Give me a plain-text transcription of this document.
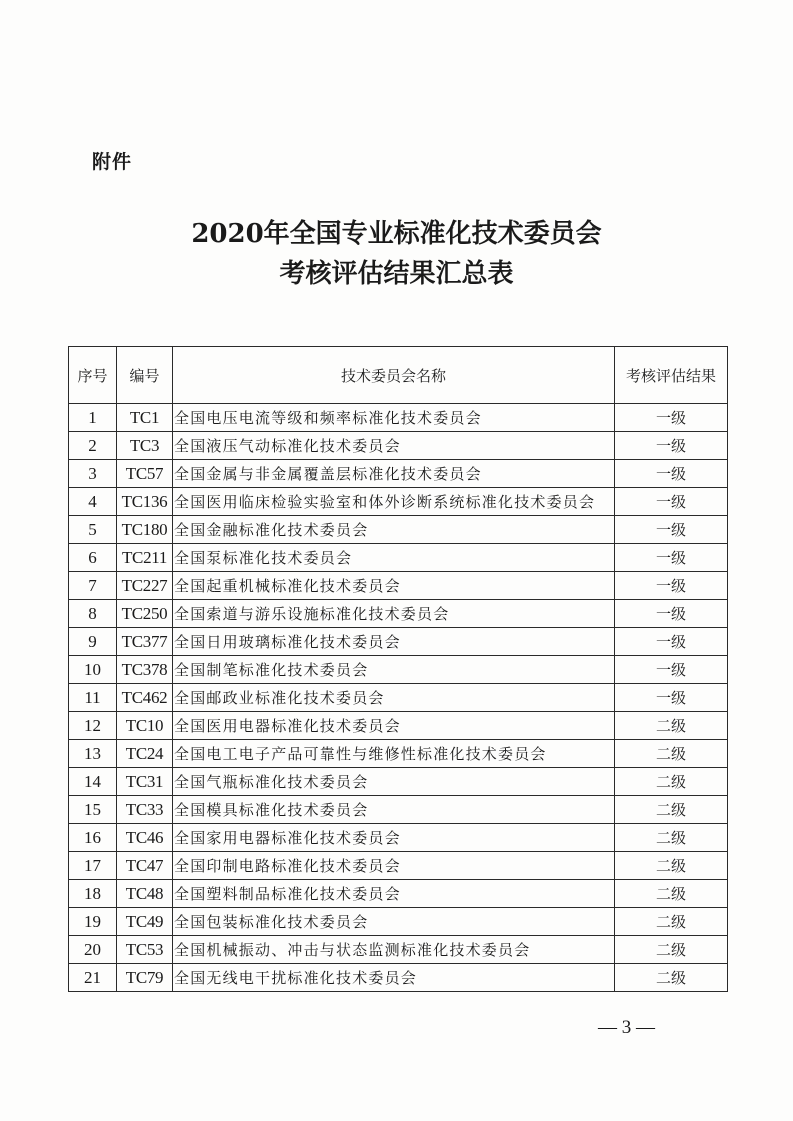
附件
2020年全国专业标准化技术委员会
考核评估结果汇总表
序号	编号	技术委员会名称	考核评估结果
1	TC1	全国电压电流等级和频率标准化技术委员会	一级
2	TC3	全国液压气动标准化技术委员会	一级
3	TC57	全国金属与非金属覆盖层标准化技术委员会	一级
4	TC136	全国医用临床检验实验室和体外诊断系统标准化技术委员会	一级
5	TC180	全国金融标准化技术委员会	一级
6	TC211	全国泵标准化技术委员会	一级
7	TC227	全国起重机械标准化技术委员会	一级
8	TC250	全国索道与游乐设施标准化技术委员会	一级
9	TC377	全国日用玻璃标准化技术委员会	一级
10	TC378	全国制笔标准化技术委员会	一级
11	TC462	全国邮政业标准化技术委员会	一级
12	TC10	全国医用电器标准化技术委员会	二级
13	TC24	全国电工电子产品可靠性与维修性标准化技术委员会	二级
14	TC31	全国气瓶标准化技术委员会	二级
15	TC33	全国模具标准化技术委员会	二级
16	TC46	全国家用电器标准化技术委员会	二级
17	TC47	全国印制电路标准化技术委员会	二级
18	TC48	全国塑料制品标准化技术委员会	二级
19	TC49	全国包装标准化技术委员会	二级
20	TC53	全国机械振动、冲击与状态监测标准化技术委员会	二级
21	TC79	全国无线电干扰标准化技术委员会	二级
— 3 —
